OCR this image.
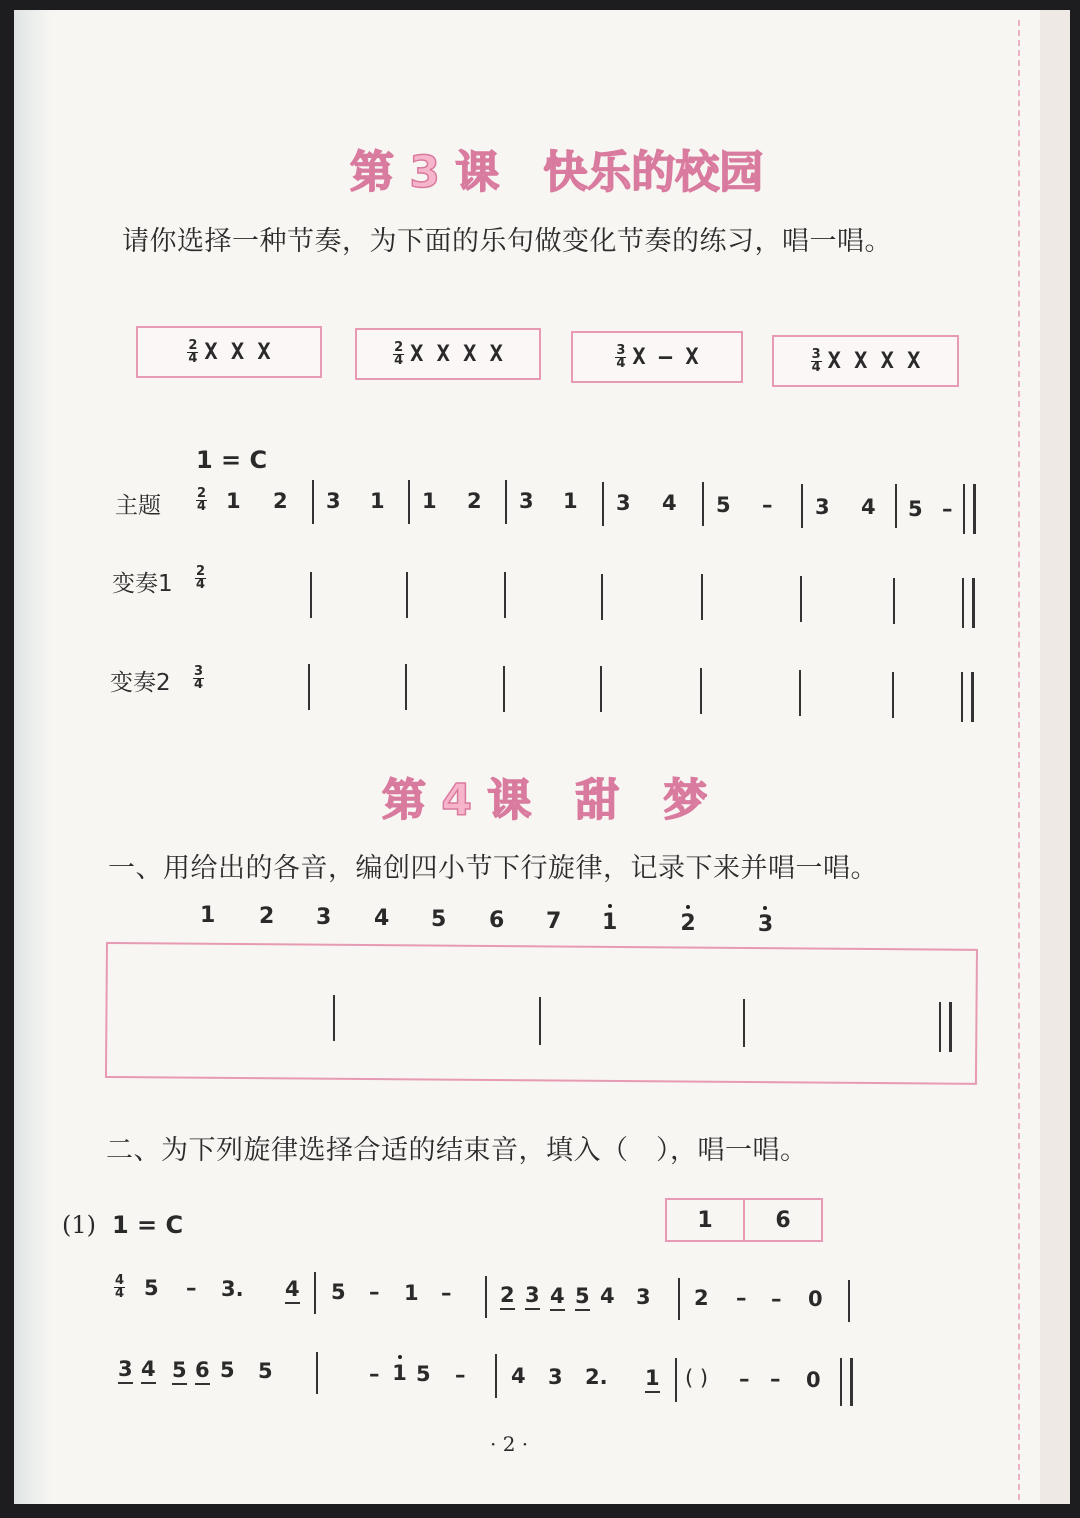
第 3 课　快乐的校园
请你选择一种节奏，为下面的乐句做变化节奏的练习，唱一唱。
$\frac{2}{4}$ X X X	$\frac{2}{4}$ X X X X	$\frac{3}{4}$ X – X	$\frac{3}{4}$ X X X X
1 = C
主题	$\frac{2}{4} 1$ 2 3 1 1 2 3 1 3 4 5 – 3 4 5 –
变奏$1 \frac{2}{4}$
变奏$2 \frac{3}{4}$
第 4 课　甜　梦
一、用给出的各音，编创四小节下行旋律，记录下来并唱一唱。
1 2 3 4 5 6 7 1	2	3
二、为下列旋律选择合适的结束音，填入（　），唱一唱。
(1) 1 = C	1	6
$\frac{4}{4} 5 - 3$. 4 5 – 1 – 2 3 4 5 4 3 2 – – 0
3 4 5 6 5 5	1
– 5 – 4 3 2. 1 ( ) – – 0
· 2 ·
